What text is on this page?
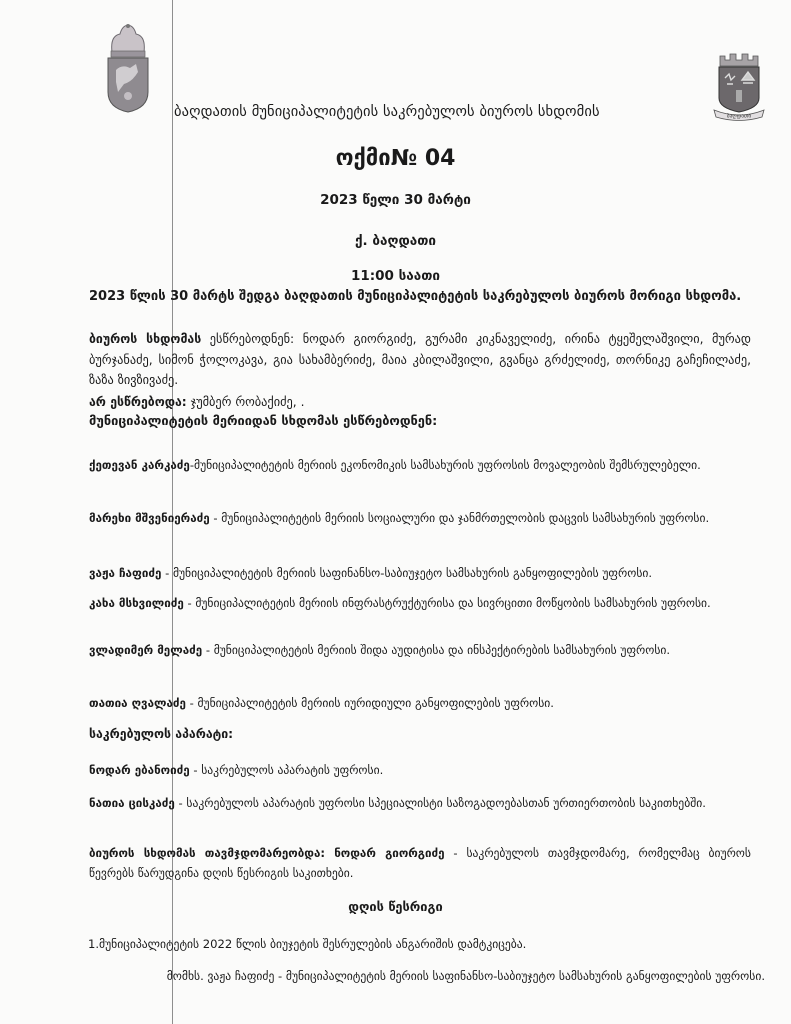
ბაღდათი
ბაღდათის მუნიციპალიტეტის საკრებულოს ბიუროს სხდომის
ოქმი№ 04
2023 წელი 30 მარტი
ქ. ბაღდათი
11:00 საათი
2023 წლის 30 მარტს შედგა ბაღდათის მუნიციპალიტეტის საკრებულოს ბიუროს მორიგი სხდომა.
ბიუროს სხდომას ესწრებოდნენ: ნოდარ გიორგიძე, გურამი კიკნაველიძე, ირინა ტყეშელაშვილი, მურად ბურჯანაძე, სიმონ ჭოლოკავა, გია სახამბერიძე, მაია კბილაშვილი, გვანცა გრძელიძე, თორნიკე გაჩეჩილაძე, ზაზა ზივზივაძე.
არ ესწრებოდა: ჯუმბერ რობაქიძე, .
მუნიციპალიტეტის მერიიდან სხდომას ესწრებოდნენ:
ქეთევან კარკაძე-მუნიციპალიტეტის მერიის ეკონომიკის სამსახურის უფროსის მოვალეობის შემსრულებელი.
მარეხი მშვენიერაძე - მუნიციპალიტეტის მერიის სოციალური და ჯანმრთელობის დაცვის სამსახურის უფროსი.
ვაჟა ჩაფიძე - მუნიციპალიტეტის მერიის საფინანსო-საბიუჯეტო სამსახურის განყოფილების უფროსი.
კახა მსხვილიძე - მუნიციპალიტეტის მერიის ინფრასტრუქტურისა და სივრცითი მოწყობის სამსახურის უფროსი.
ვლადიმერ მელაძე - მუნიციპალიტეტის მერიის შიდა აუდიტისა და ინსპექტირების სამსახურის უფროსი.
თათია ღვალაძე - მუნიციპალიტეტის მერიის იურიდიული განყოფილების უფროსი.
საკრებულოს აპარატი:
ნოდარ ებანოიძე - საკრებულოს აპარატის უფროსი.
ნათია ცისკაძე - საკრებულოს აპარატის უფროსი სპეციალისტი საზოგადოებასთან ურთიერთობის საკითხებში.
ბიუროს სხდომას თავმჯდომარეობდა: ნოდარ გიორგიძე - საკრებულოს თავმჯდომარე, რომელმაც ბიუროს წევრებს წარუდგინა დღის წესრიგის საკითხები.
დღის წესრიგი
1.მუნიციპალიტეტის 2022 წლის ბიუჯეტის შესრულების ანგარიშის დამტკიცება.
მომხს. ვაჟა ჩაფიძე - მუნიციპალიტეტის მერიის საფინანსო-საბიუჯეტო სამსახურის განყოფილების უფროსი.
